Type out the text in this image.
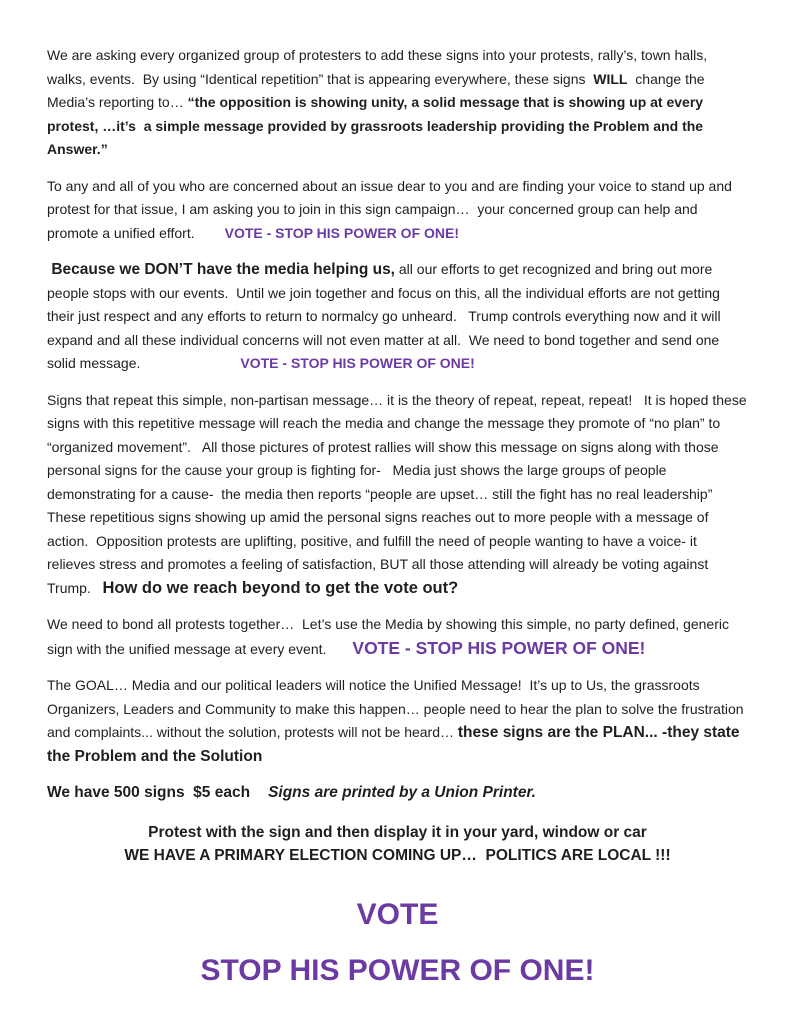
We are asking every organized group of protesters to add these signs into your protests, rally’s, town halls, walks, events.  By using “Identical repetition” that is appearing everywhere, these signs  WILL  change the Media’s reporting to… “the opposition is showing unity, a solid message that is showing up at every protest, …it’s  a simple message provided by grassroots leadership providing the Problem and the Answer.”

To any and all of you who are concerned about an issue dear to you and are finding your voice to stand up and protest for that issue, I am asking you to join in this sign campaign…  your concerned group can help and promote a unified effort. VOTE - STOP HIS POWER OF ONE!

Because we DON’T have the media helping us, all our efforts to get recognized and bring out more people stops with our events.  Until we join together and focus on this, all the individual efforts are not getting their just respect and any efforts to return to normalcy go unheard.   Trump controls everything now and it will expand and all these individual concerns will not even matter at all.  We need to bond together and send one solid message.	VOTE - STOP HIS POWER OF ONE!

Signs that repeat this simple, non-partisan message… it is the theory of repeat, repeat, repeat!   It is hoped these signs with this repetitive message will reach the media and change the message they promote of “no plan” to “organized movement”.   All those pictures of protest rallies will show this message on signs along with those personal signs for the cause your group is fighting for-   Media just shows the large groups of people demonstrating for a cause-  the media then reports “people are upset… still the fight has no real leadership”  These repetitious signs showing up amid the personal signs reaches out to more people with a message of action.  Opposition protests are uplifting, positive, and fulfill the need of people wanting to have a voice- it relieves stress and promotes a feeling of satisfaction, BUT all those attending will already be voting against Trump.   How do we reach beyond to get the vote out?

We need to bond all protests together…  Let’s use the Media by showing this simple, no party defined, generic sign with the unified message at every event. VOTE - STOP HIS POWER OF ONE!

The GOAL… Media and our political leaders will notice the Unified Message!  It’s up to Us, the grassroots Organizers, Leaders and Community to make this happen… people need to hear the plan to solve the frustration and complaints... without the solution, protests will not be heard… these signs are the PLAN... -they state the Problem and the Solution

We have 500 signs  $5 each Signs are printed by a Union Printer.

Protest with the sign and then display it in your yard, window or car

WE HAVE A PRIMARY ELECTION COMING UP…  POLITICS ARE LOCAL !!!

VOTE

STOP HIS POWER OF ONE!
